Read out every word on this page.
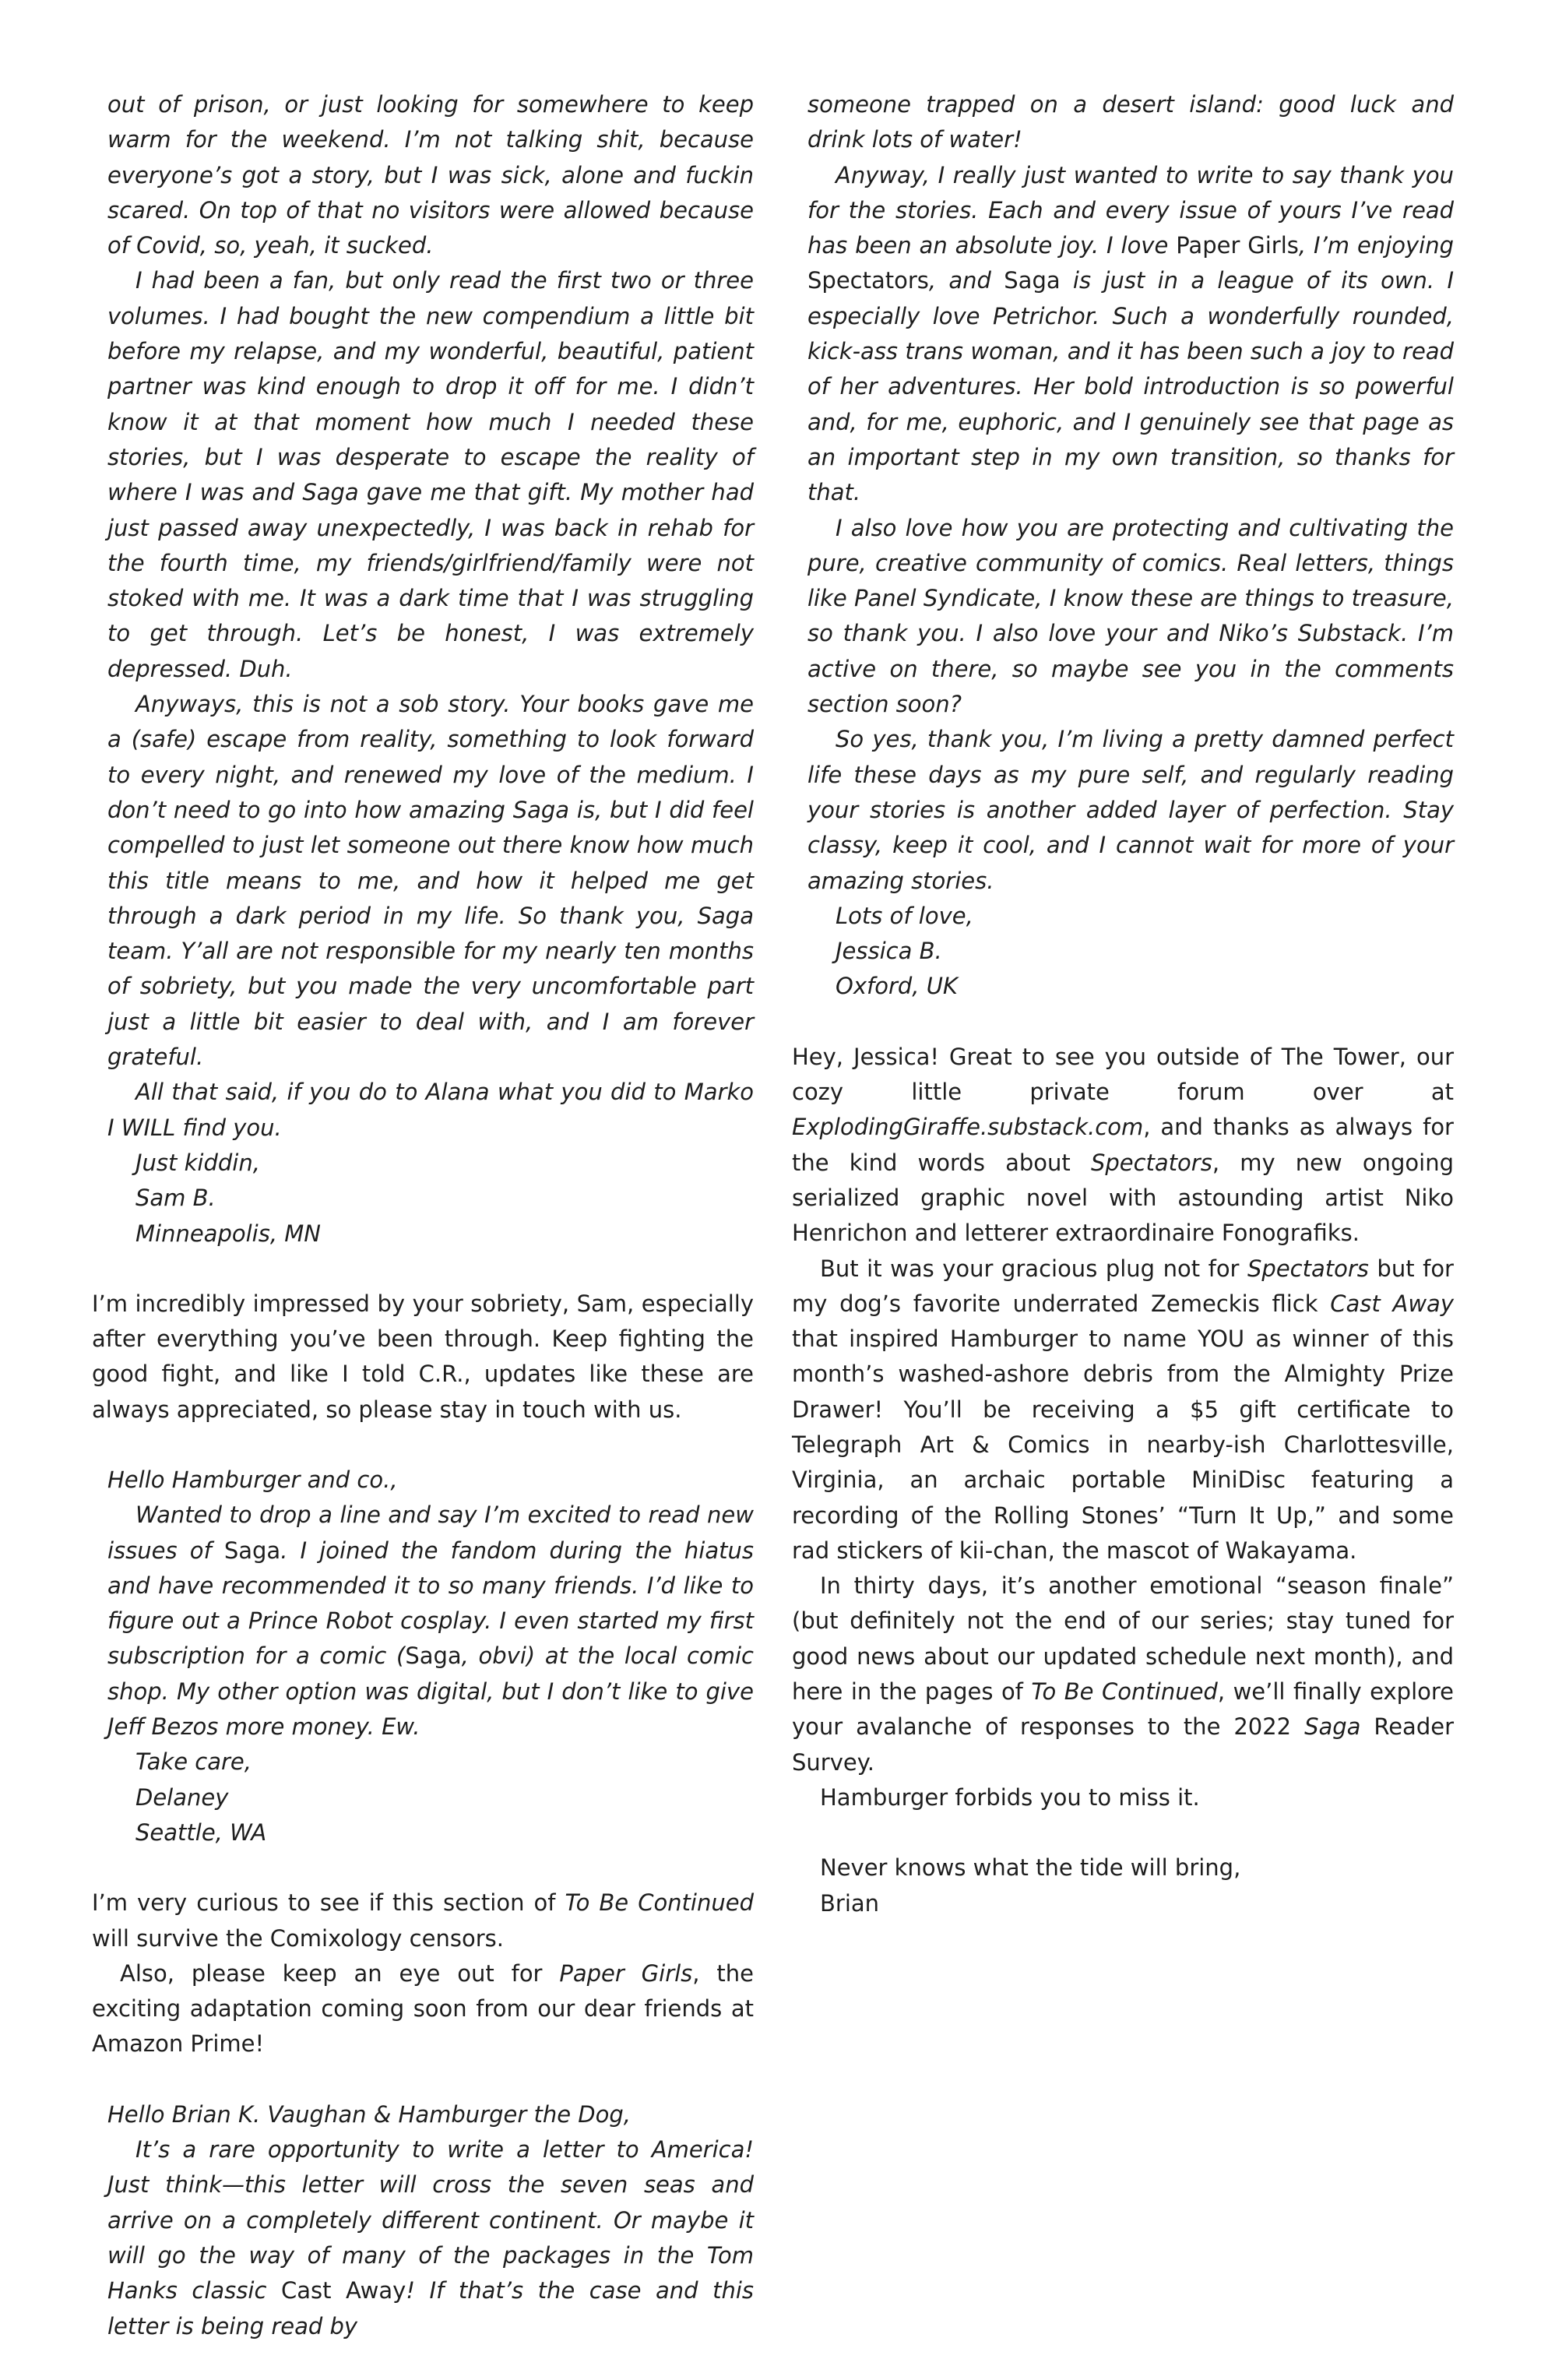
out of prison, or just looking for somewhere to keep warm for the weekend. I’m not talking shit, because everyone’s got a story, but I was sick, alone and fuckin scared. On top of that no visitors were allowed because of Covid, so, yeah, it sucked.

I had been a fan, but only read the first two or three volumes. I had bought the new compendium a little bit before my relapse, and my wonderful, beautiful, patient partner was kind enough to drop it off for me. I didn’t know it at that moment how much I needed these stories, but I was desperate to escape the reality of where I was and Saga gave me that gift. My mother had just passed away unexpectedly, I was back in rehab for the fourth time, my friends/girlfriend/family were not stoked with me. It was a dark time that I was struggling to get through. Let’s be honest, I was extremely depressed. Duh.

Anyways, this is not a sob story. Your books gave me a (safe) escape from reality, something to look forward to every night, and renewed my love of the medium. I don’t need to go into how amazing Saga is, but I did feel compelled to just let someone out there know how much this title means to me, and how it helped me get through a dark period in my life. So thank you, Saga team. Y’all are not responsible for my nearly ten months of sobriety, but you made the very uncomfortable part just a little bit easier to deal with, and I am forever grateful.

All that said, if you do to Alana what you did to Marko I WILL find you.

Just kiddin,

Sam B.

Minneapolis, MN

I’m incredibly impressed by your sobriety, Sam, especially after everything you’ve been through. Keep fighting the good fight, and like I told C.R., updates like these are always appreciated, so please stay in touch with us.

Hello Hamburger and co.,

Wanted to drop a line and say I’m excited to read new issues of Saga. I joined the fandom during the hiatus and have recommended it to so many friends. I’d like to figure out a Prince Robot cosplay. I even started my first subscription for a comic (Saga, obvi) at the local comic shop. My other option was digital, but I don’t like to give Jeff Bezos more money. Ew.

Take care,

Delaney

Seattle, WA

I’m very curious to see if this section of To Be Continued will survive the Comixology censors.

Also, please keep an eye out for Paper Girls, the exciting adaptation coming soon from our dear friends at Amazon Prime!

Hello Brian K. Vaughan & Hamburger the Dog,

It’s a rare opportunity to write a letter to America! Just think—this letter will cross the seven seas and arrive on a completely different continent. Or maybe it will go the way of many of the packages in the Tom Hanks classic Cast Away! If that’s the case and this letter is being read by

someone trapped on a desert island: good luck and drink lots of water!

Anyway, I really just wanted to write to say thank you for the stories. Each and every issue of yours I’ve read has been an absolute joy. I love Paper Girls, I’m enjoying Spectators, and Saga is just in a league of its own. I especially love Petrichor. Such a wonderfully rounded, kick-ass trans woman, and it has been such a joy to read of her adventures. Her bold introduction is so powerful and, for me, euphoric, and I genuinely see that page as an important step in my own transition, so thanks for that.

I also love how you are protecting and cultivating the pure, creative community of comics. Real letters, things like Panel Syndicate, I know these are things to treasure, so thank you. I also love your and Niko’s Substack. I’m active on there, so maybe see you in the comments section soon?

So yes, thank you, I’m living a pretty damned perfect life these days as my pure self, and regularly reading your stories is another added layer of perfection. Stay classy, keep it cool, and I cannot wait for more of your amazing stories.

Lots of love,

Jessica B.

Oxford, UK

Hey, Jessica! Great to see you outside of The Tower, our cozy little private forum over at ExplodingGiraffe.substack.com, and thanks as always for the kind words about Spectators, my new ongoing serialized graphic novel with astounding artist Niko Henrichon and letterer extraordinaire Fonografiks.

But it was your gracious plug not for Spectators but for my dog’s favorite underrated Zemeckis flick Cast Away that inspired Hamburger to name YOU as winner of this month’s washed-ashore debris from the Almighty Prize Drawer! You’ll be receiving a $5 gift certificate to Telegraph Art & Comics in nearby-ish Charlottesville, Virginia, an archaic portable MiniDisc featuring a recording of the Rolling Stones’ “Turn It Up,” and some rad stickers of kii-chan, the mascot of Wakayama.

In thirty days, it’s another emotional “season finale” (but definitely not the end of our series; stay tuned for good news about our updated schedule next month), and here in the pages of To Be Continued, we’ll finally explore your avalanche of responses to the 2022 Saga Reader Survey.

Hamburger forbids you to miss it.

Never knows what the tide will bring,

Brian
